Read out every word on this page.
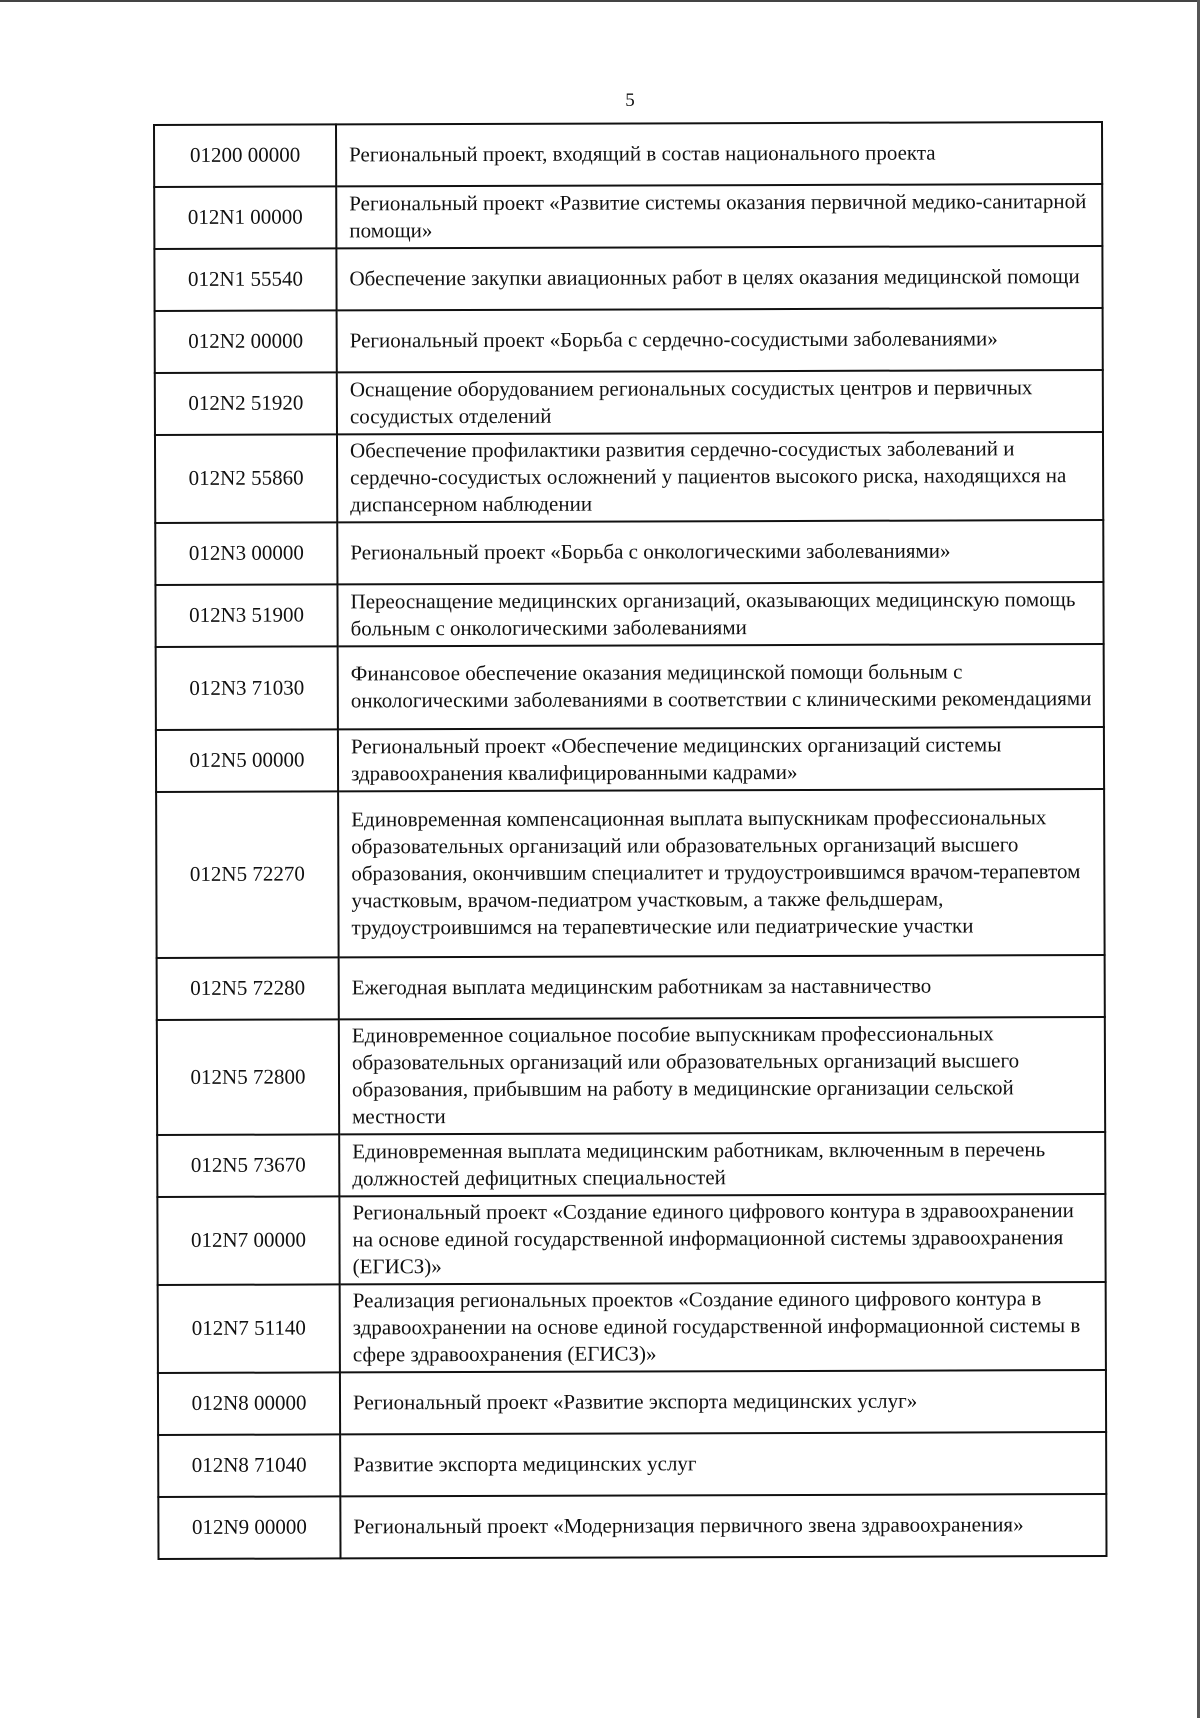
5
01200 00000	Региональный проект, входящий в состав национального проекта
012N1 00000	Региональный проект «Развитие системы оказания первичной медико-санитарной помощи»
012N1 55540	Обеспечение закупки авиационных работ в целях оказания медицинской помощи
012N2 00000	Региональный проект «Борьба с сердечно-сосудистыми заболеваниями»
012N2 51920	Оснащение оборудованием региональных сосудистых центров и первичных сосудистых отделений
012N2 55860	Обеспечение профилактики развития сердечно-сосудистых заболеваний и сердечно-сосудистых осложнений у пациентов высокого риска, находящихся на диспансерном наблюдении
012N3 00000	Региональный проект «Борьба с онкологическими заболеваниями»
012N3 51900	Переоснащение медицинских организаций, оказывающих медицинскую помощь больным с онкологическими заболеваниями
012N3 71030	Финансовое обеспечение оказания медицинской помощи больным с онкологическими заболеваниями в соответствии с клиническими рекомендациями
012N5 00000	Региональный проект «Обеспечение медицинских организаций системы здравоохранения квалифицированными кадрами»
012N5 72270	Единовременная компенсационная выплата выпускникам профессиональных образовательных организаций или образовательных организаций высшего образования, окончившим специалитет и трудоустроившимся врачом-терапевтом участковым, врачом-педиатром участковым, а также фельдшерам, трудоустроившимся на терапевтические или педиатрические участки
012N5 72280	Ежегодная выплата медицинским работникам за наставничество
012N5 72800	Единовременное социальное пособие выпускникам профессиональных образовательных организаций или образовательных организаций высшего образования, прибывшим на работу в медицинские организации сельской местности
012N5 73670	Единовременная выплата медицинским работникам, включенным в перечень должностей дефицитных специальностей
012N7 00000	Региональный проект «Создание единого цифрового контура в здравоохранении на основе единой государственной информационной системы здравоохранения (ЕГИСЗ)»
012N7 51140	Реализация региональных проектов «Создание единого цифрового контура в здравоохранении на основе единой государственной информационной системы в сфере здравоохранения (ЕГИСЗ)»
012N8 00000	Региональный проект «Развитие экспорта медицинских услуг»
012N8 71040	Развитие экспорта медицинских услуг
012N9 00000	Региональный проект «Модернизация первичного звена здравоохранения»
